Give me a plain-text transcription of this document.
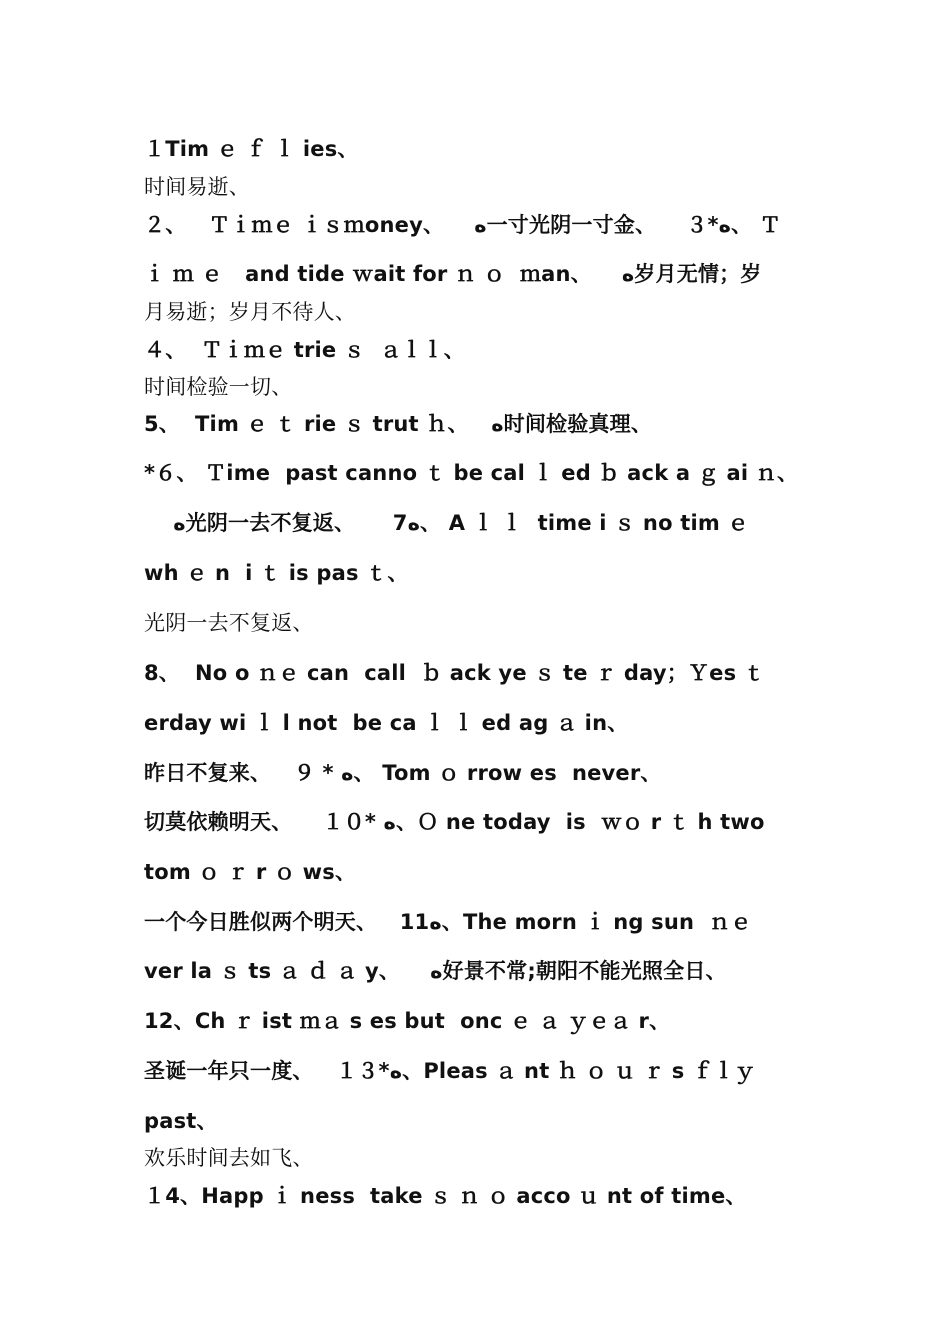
１Tim ｅ ｆ ｌ ies、
时间易逝、
２、   Ｔｉｍｅ ｉｓｍoney、    ﻩ一寸光阴一寸金、    ３*ﻩ、 Ｔ
ｉ ｍ ｅ   and tide ｗait for ｎ ｏ  ｍan、    ﻩ岁月无情；岁
月易逝；岁月不待人、
４、  Ｔｉｍｅ trie ｓ  ａｌｌ、
时间检验一切、
5、  Tim ｅ ｔ rie ｓ trut ｈ、   ﻩ时间检验真理、
*６、 Ｔime  past canno ｔ be cal ｌ ed ｂ ack a ｇ ai ｎ、
ﻩ光阴一去不复返、     7ﻩ、 A ｌ ｌ  time i ｓ no tim ｅ
wh ｅ n  i ｔ is pas ｔ、
光阴一去不复返、
8、  No o ｎｅ can  call  ｂ ack ye ｓ te ｒ day；Ｙes ｔ
erday wi ｌ l not  be ca ｌ ｌ ed ag ａ in、
昨日不复来、   ９ * ﻩ、 Tom ｏ rrow es  never、
切莫依赖明天、    １０* ﻩ、Ｏ ne today  is  ｗｏ r ｔ h two
tom ｏ ｒ r ｏ ws、
一个今日胜似两个明天、   11ﻩ、The morn ｉ ng sun  ｎｅ
ver la ｓ ts ａ ｄ ａ y、    ﻩ好景不常;朝阳不能光照全日、
12、Ch ｒ ist ｍａ s es but  onc ｅ ａ ｙｅａ r、
圣诞一年只一度、   １３*ﻩ、Pleas ａ nt ｈ ｏ ｕ ｒ s ｆｌｙ
past、
欢乐时间去如飞、
１4、Happ ｉ ness  take ｓ ｎ ｏ acco ｕ nt of time、
